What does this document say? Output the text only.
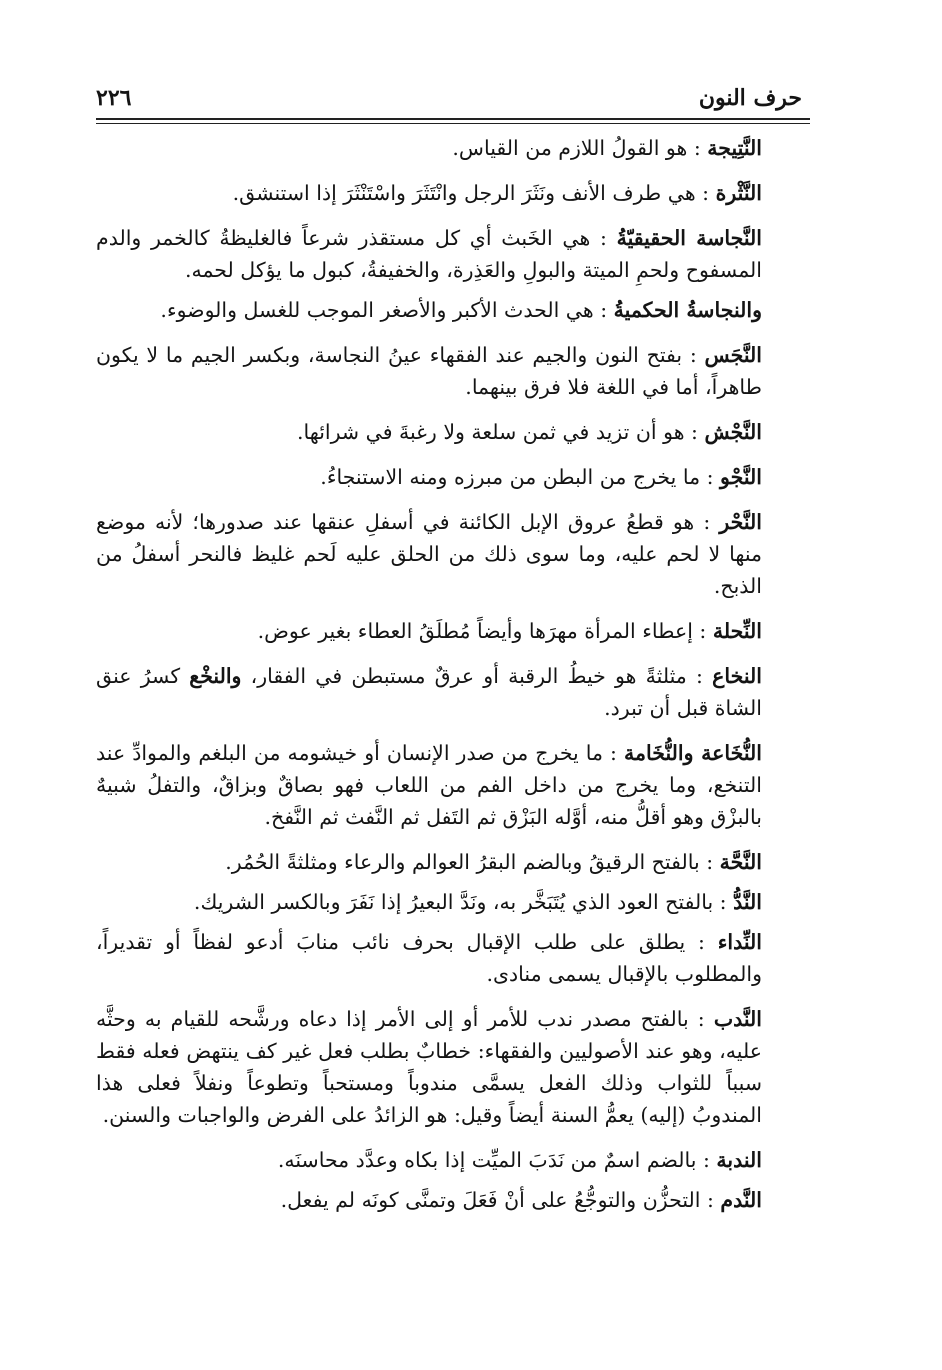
حرف النون
٢٢٦

النَّتِيجة : هو القولُ اللازم من القياس.

النَّثْرة : هي طرف الأنف ونَثَرَ الرجل وانْتَثَرَ واسْتَنْثَرَ إذا استنشق.

النَّجاسة الحقيقيّةُ : هي الخَبث أي كل مستقذر شرعاً فالغليظةُ كالخمر والدم المسفوح ولحمِ الميتة والبولِ والعَذِرة، والخفيفةُ، كبول ما يؤكل لحمه.

والنجاسةُ الحكميةُ : هي الحدث الأكبر والأصغر الموجب للغسل والوضوء.

النَّجَس : بفتح النون والجيم عند الفقهاء عينُ النجاسة، وبكسر الجيم ما لا يكون طاهراً، أما في اللغة فلا فرق بينهما.

النَّجْش : هو أن تزيد في ثمن سلعة ولا رغبةَ في شرائها.

النَّجْو : ما يخرج من البطن من مبرزه ومنه الاستنجاءُ.

النَّحْر : هو قطعُ عروق الإبل الكائنة في أسفلِ عنقها عند صدورها؛ لأنه موضع منها لا لحم عليه، وما سوى ذلك من الحلق عليه لَحم غليظ فالنحر أسفلُ من الذبح.

النِّحلة : إعطاء المرأة مهرَها وأيضاً مُطلَقُ العطاء بغير عوض.

النخاع : مثلثةً هو خيطُ الرقبة أو عرقٌ مستبطن في الفقار، والنخْع كسرُ عنق الشاة قبل أن تبرد.

النُّخَاعة والنُّخَامة : ما يخرج من صدر الإنسان أو خيشومه من البلغم والموادِّ عند التنخع، وما يخرج من داخل الفم من اللعاب فهو بصاقٌ وبزاقٌ، والتفلُ شبيهٌ بالبزْق وهو أقلُّ منه، أوَّله البَزْق ثم التَفل ثم النَّفث ثم النَّفخ.

النَّحَّة : بالفتح الرقيقُ وبالضم البقرُ العوالم والرعاء ومثلثةً الحُمُر.

النَّدُّ : بالفتح العود الذي يُتَبَخَّر به، ونَدَّ البعيرُ إذا نَفَرَ وبالكسر الشريك.

النِّداء : يطلق على طلب الإقبال بحرف نائب منابَ أدعو لفظاً أو تقديراً، والمطلوب بالإقبال يسمى منادى.

النَّدب : بالفتح مصدر ندب للأمر أو إلى الأمر إذا دعاه ورشَّحه للقيام به وحثَّه عليه، وهو عند الأصوليين والفقهاء: خطابٌ بطلب فعل غير كف ينتهض فعله فقط سبباً للثواب وذلك الفعل يسمَّى مندوباً ومستحباً وتطوعاً ونفلاً فعلى هذا المندوبُ (إليه) يعمُّ السنة أيضاً وقيل: هو الزائدُ على الفرض والواجبات والسنن.

الندبة : بالضم اسمٌ من نَدَبَ الميِّت إذا بكاه وعدَّد محاسنَه.

النَّدم : التحزُّن والتوجُّعُ على أنْ فَعَلَ وتمنَّى كونَه لم يفعل.
